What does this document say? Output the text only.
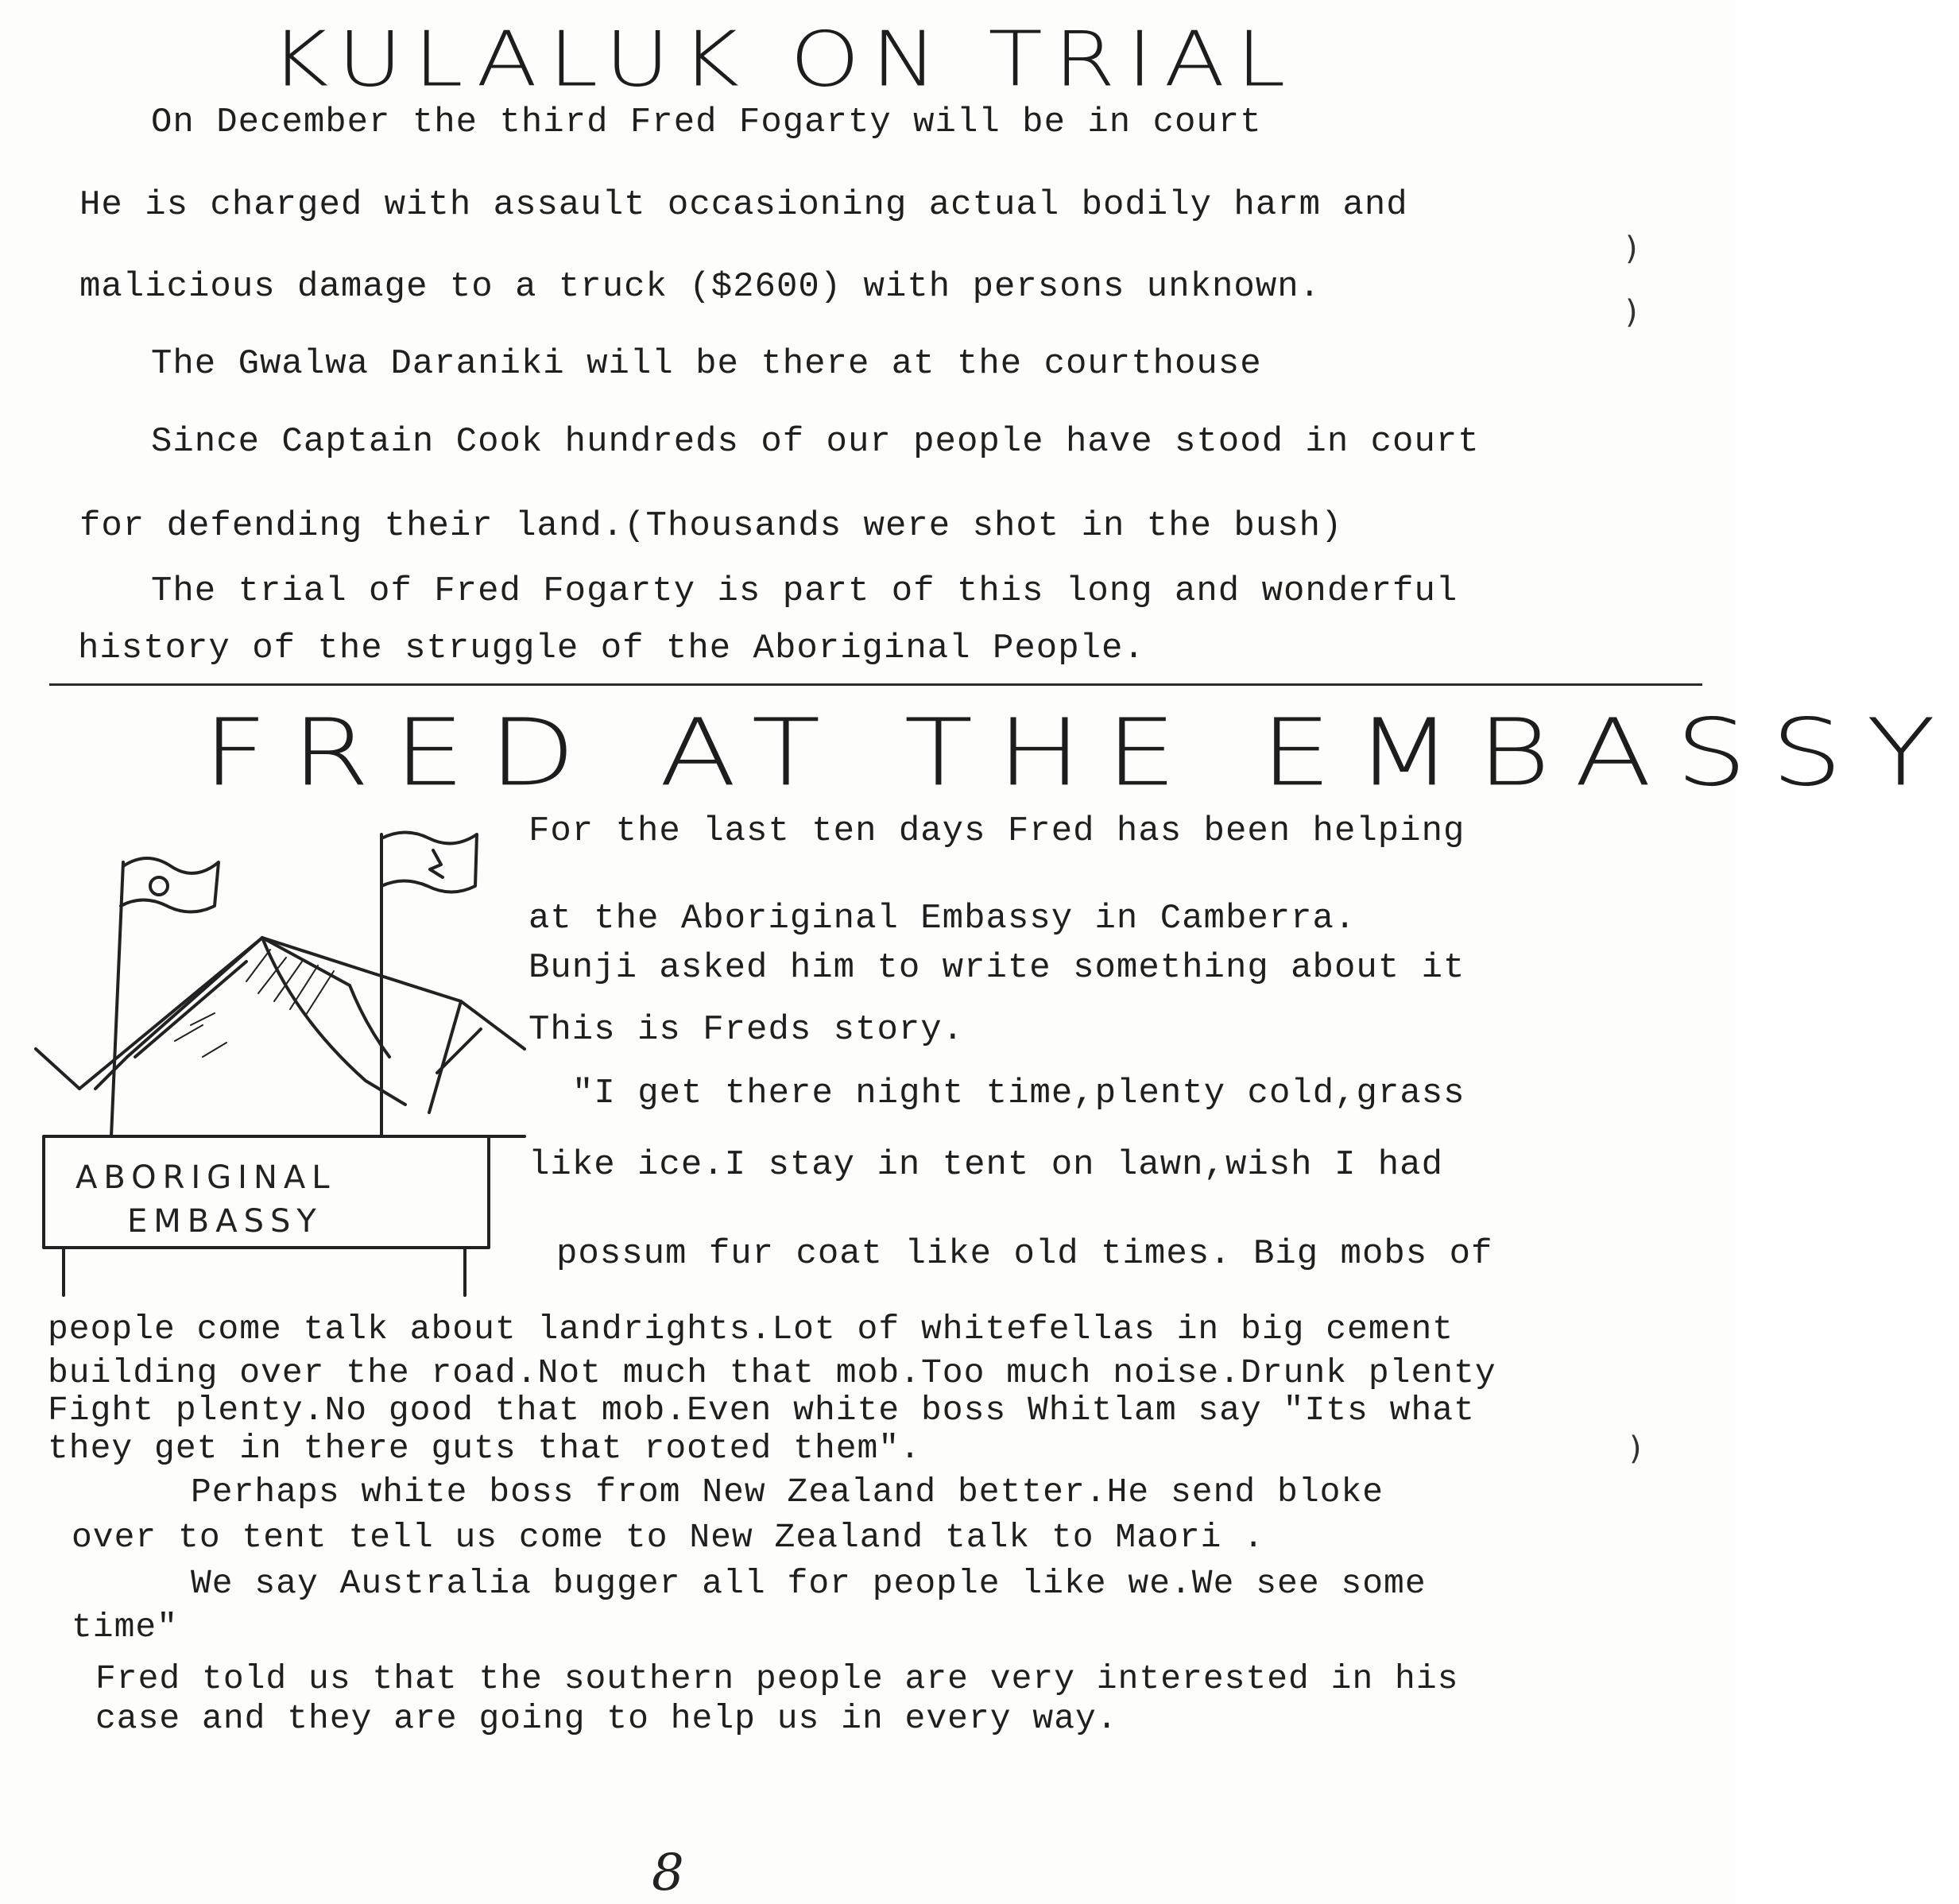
KULALUK ON TRIAL
On December the third Fred Fogarty will be in court
He is charged with assault occasioning actual bodily harm and
malicious damage to a truck ($2600) with persons unknown.
The Gwalwa Daraniki will be there at the courthouse
Since Captain Cook hundreds of our people have stood in court
for defending their land.(Thousands were shot in the bush)
The trial of Fred Fogarty is part of this long and wonderful
history of the struggle of the Aboriginal People.
FRED AT THE EMBASSY
ABORIGINAL
EMBASSY
For the last ten days Fred has been helping
at the Aboriginal Embassy in Camberra.
Bunji asked him to write something about it
This is Freds story.
"I get there night time,plenty cold,grass
like ice.I stay in tent on lawn,wish I had
possum fur coat like old times. Big mobs of
people come talk about landrights.Lot of whitefellas in big cement
building over the road.Not much that mob.Too much noise.Drunk plenty
Fight plenty.No good that mob.Even white boss Whitlam say "Its what
they get in there guts that rooted them".
Perhaps white boss from New Zealand better.He send bloke
over to tent tell us come to New Zealand talk to Maori .
We say Australia bugger all for people like we.We see some
time"
Fred told us that the southern people are very interested in his
case and they are going to help us in every way.
8
)
)
)
